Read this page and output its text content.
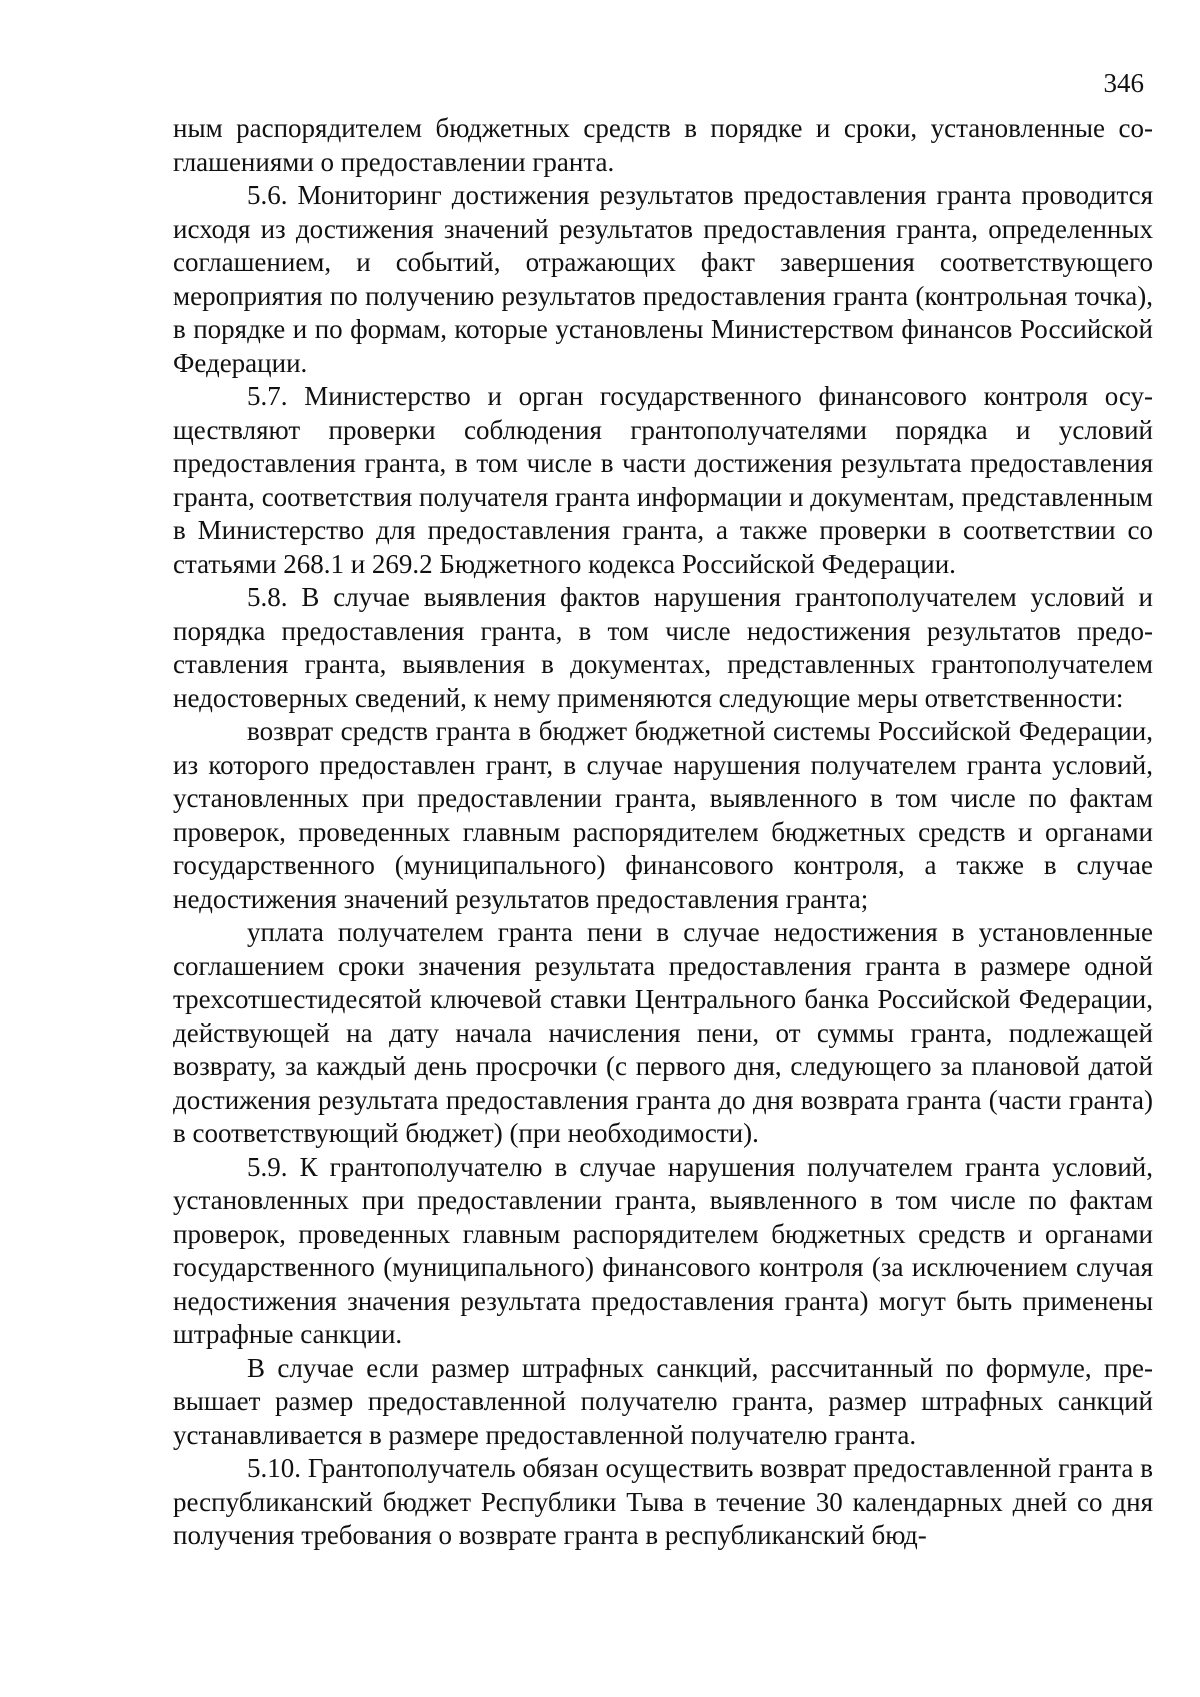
346

ным распорядителем бюджетных средств в порядке и сроки, установленные соглашениями о предоставлении гранта.

5.6. Мониторинг достижения результатов предоставления гранта проводится исходя из достижения значений результатов предоставления гранта, определенных соглашением, и событий, отражающих факт завершения соответствующего мероприятия по получению результатов предоставления гранта (контрольная точка), в порядке и по формам, которые установлены Министерством финансов Российской Федерации.

5.7. Министерство и орган государственного финансового контроля осуществляют проверки соблюдения грантополучателями порядка и условий предоставления гранта, в том числе в части достижения результата предоставления гранта, соответствия получателя гранта информации и документам, представленным в Министерство для предоставления гранта, а также проверки в соответствии со статьями 268.1 и 269.2 Бюджетного кодекса Российской Федерации.

5.8. В случае выявления фактов нарушения грантополучателем условий и порядка предоставления гранта, в том числе недостижения результатов предоставления гранта, выявления в документах, представленных грантополучателем недостоверных сведений, к нему применяются следующие меры ответственности:

возврат средств гранта в бюджет бюджетной системы Российской Федерации, из которого предоставлен грант, в случае нарушения получателем гранта условий, установленных при предоставлении гранта, выявленного в том числе по фактам проверок, проведенных главным распорядителем бюджетных средств и органами государственного (муниципального) финансового контроля, а также в случае недостижения значений результатов предоставления гранта;

уплата получателем гранта пени в случае недостижения в установленные соглашением сроки значения результата предоставления гранта в размере одной трехсотшестидесятой ключевой ставки Центрального банка Российской Федерации, действующей на дату начала начисления пени, от суммы гранта, подлежащей возврату, за каждый день просрочки (с первого дня, следующего за плановой датой достижения результата предоставления гранта до дня возврата гранта (части гранта) в соответствующий бюджет) (при необходимости).

5.9. К грантополучателю в случае нарушения получателем гранта условий, установленных при предоставлении гранта, выявленного в том числе по фактам проверок, проведенных главным распорядителем бюджетных средств и органами государственного (муниципального) финансового контроля (за исключением случая недостижения значения результата предоставления гранта) могут быть применены штрафные санкции.

В случае если размер штрафных санкций, рассчитанный по формуле, превышает размер предоставленной получателю гранта, размер штрафных санкций устанавливается в размере предоставленной получателю гранта.

5.10. Грантополучатель обязан осуществить возврат предоставленной гранта в республиканский бюджет Республики Тыва в течение 30 календарных дней со дня получения требования о возврате гранта в республиканский бюд-
